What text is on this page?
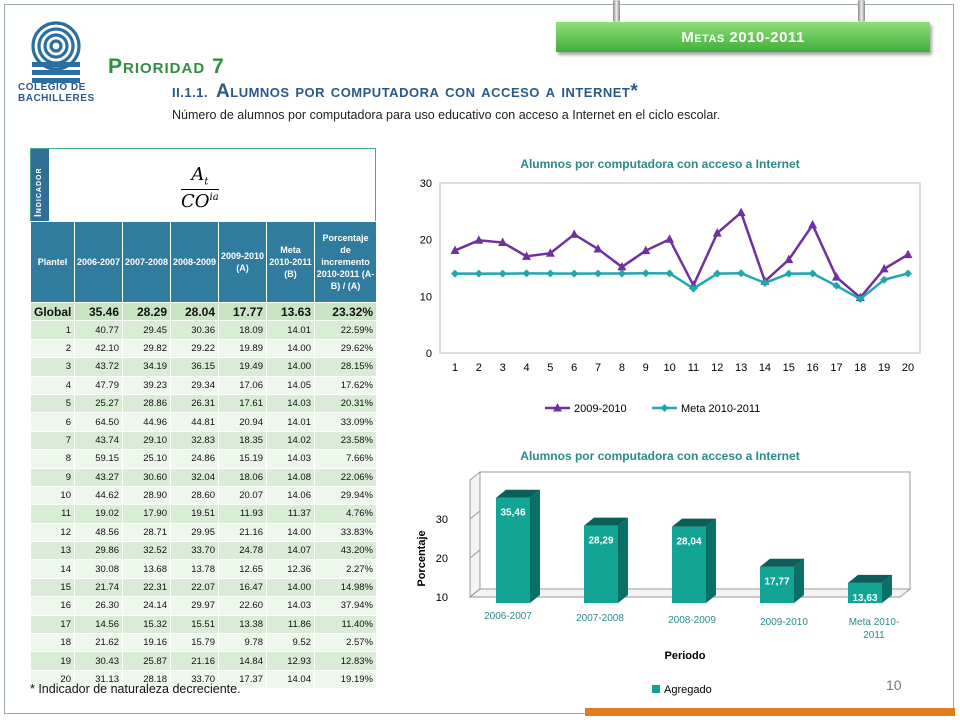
COLEGIO DE
BACHILLERES
Metas 2010-2011
Prioridad 7
II.1.1. Alumnos por computadora con acceso a internet*
Número de alumnos por computadora para uso educativo con acceso a Internet en el ciclo escolar.
Indicador	$\frac{A_t}{CO^{ia}}$
Plantel	2006-2007	2007-2008	2008-2009	2009-2010 (A)	Meta 2010-2011 (B)	Porcentaje de incremento 2010-2011 (A-B) / (A)
Global	35.46	28.29	28.04	17.77	13.63	23.32%
1	40.77	29.45	30.36	18.09	14.01	22.59%
2	42.10	29.82	29.22	19.89	14.00	29.62%
3	43.72	34.19	36.15	19.49	14.00	28.15%
4	47.79	39.23	29.34	17.06	14.05	17.62%
5	25.27	28.86	26.31	17.61	14.03	20.31%
6	64.50	44.96	44.81	20.94	14.01	33.09%
7	43.74	29.10	32.83	18.35	14.02	23.58%
8	59.15	25.10	24.86	15.19	14.03	7.66%
9	43.27	30.60	32.04	18.06	14.08	22.06%
10	44.62	28.90	28.60	20.07	14.06	29.94%
11	19.02	17.90	19.51	11.93	11.37	4.76%
12	48.56	28.71	29.95	21.16	14.00	33.83%
13	29.86	32.52	33.70	24.78	14.07	43.20%
14	30.08	13.68	13.78	12.65	12.36	2.27%
15	21.74	22.31	22.07	16.47	14.00	14.98%
16	26.30	24.14	29.97	22.60	14.03	37.94%
17	14.56	15.32	15.51	13.38	11.86	11.40%
18	21.62	19.16	15.79	9.78	9.52	2.57%
19	30.43	25.87	21.16	14.84	12.93	12.83%
20	31.13	28.18	33.70	17.37	14.04	19.19%
Alumnos por computadora con acceso a Internet
0
10
20
30
1 2 3 4 5 6 7 8 9 10 11 12 13 14 15 16 17 18 19 20
2009-2010	Meta 2010-2011
Alumnos por computadora con acceso a Internet
10
20
30
Porcentaje
35,46
28,29	28,04
17,77
13,63
2006-2007	2007-2008	2008-2009	2009-2010	Meta 2010-
2011
Periodo
Agregado
* Indicador de naturaleza decreciente.	10
